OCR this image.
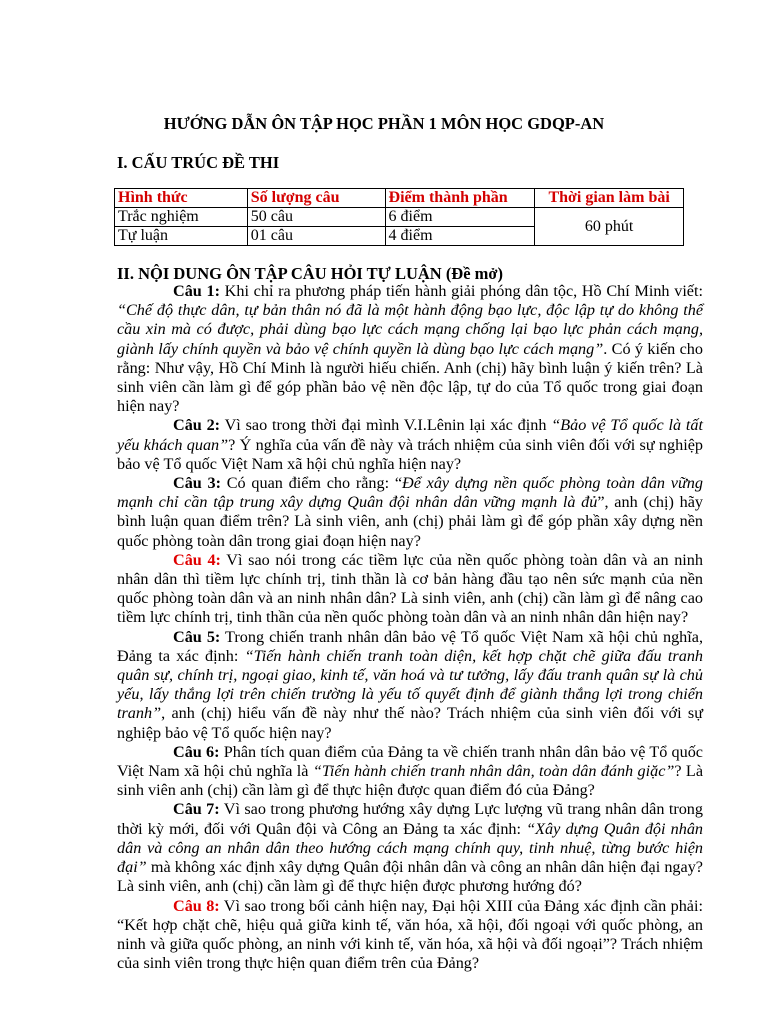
HƯỚNG DẪN ÔN TẬP HỌC PHẦN 1 MÔN HỌC GDQP-AN
I. CẤU TRÚC ĐỀ THI
Hình thức	Số lượng câu	Điểm thành phần	Thời gian làm bài
Trắc nghiệm	50 câu	6 điểm	60 phút
Tự luận	01 câu	4 điểm	
II. NỘI DUNG ÔN TẬP CÂU HỎI TỰ LUẬN (Đề mở)

Câu 1: Khi chỉ ra phương pháp tiến hành giải phóng dân tộc, Hồ Chí Minh viết: “Chế độ thực dân, tự bản thân nó đã là một hành động bạo lực, độc lập tự do không thể cầu xin mà có được, phải dùng bạo lực cách mạng chống lại bạo lực phản cách mạng, giành lấy chính quyền và bảo vệ chính quyền là dùng bạo lực cách mạng”. Có ý kiến cho rằng: Như vậy, Hồ Chí Minh là người hiếu chiến. Anh (chị) hãy bình luận ý kiến trên? Là sinh viên cần làm gì để góp phần bảo vệ nền độc lập, tự do của Tổ quốc trong giai đoạn hiện nay?

Câu 2: Vì sao trong thời đại mình V.I.Lênin lại xác định “Bảo vệ Tổ quốc là tất yếu khách quan”? Ý nghĩa của vấn đề này và trách nhiệm của sinh viên đối với sự nghiệp bảo vệ Tổ quốc Việt Nam xã hội chủ nghĩa hiện nay?

Câu 3: Có quan điểm cho rằng: “Để xây dựng nền quốc phòng toàn dân vững mạnh chỉ cần tập trung xây dựng Quân đội nhân dân vững mạnh là đủ”, anh (chị) hãy bình luận quan điểm trên? Là sinh viên, anh (chị) phải làm gì để góp phần xây dựng nền quốc phòng toàn dân trong giai đoạn hiện nay?

Câu 4: Vì sao nói trong các tiềm lực của nền quốc phòng toàn dân và an ninh nhân dân thì tiềm lực chính trị, tinh thần là cơ bản hàng đầu tạo nên sức mạnh của nền quốc phòng toàn dân và an ninh nhân dân? Là sinh viên, anh (chị) cần làm gì để nâng cao tiềm lực chính trị, tinh thần của nền quốc phòng toàn dân và an ninh nhân dân hiện nay?

Câu 5: Trong chiến tranh nhân dân bảo vệ Tổ quốc Việt Nam xã hội chủ nghĩa, Đảng ta xác định: “Tiến hành chiến tranh toàn diện, kết hợp chặt chẽ giữa đấu tranh quân sự, chính trị, ngoại giao, kinh tế, văn hoá và tư tưởng, lấy đấu tranh quân sự là chủ yếu, lấy thắng lợi trên chiến trường là yếu tố quyết định để giành thắng lợi trong chiến tranh”, anh (chị) hiểu vấn đề này như thế nào? Trách nhiệm của sinh viên đối với sự nghiệp bảo vệ Tổ quốc hiện nay?

Câu 6: Phân tích quan điểm của Đảng ta về chiến tranh nhân dân bảo vệ Tổ quốc Việt Nam xã hội chủ nghĩa là “Tiến hành chiến tranh nhân dân, toàn dân đánh giặc”? Là sinh viên anh (chị) cần làm gì để thực hiện được quan điểm đó của Đảng?

Câu 7: Vì sao trong phương hướng xây dựng Lực lượng vũ trang nhân dân trong thời kỳ mới, đối với Quân đội và Công an Đảng ta xác định: “Xây dựng Quân đội nhân dân và công an nhân dân theo hướng cách mạng chính quy, tinh nhuệ, từng bước hiện đại” mà không xác định xây dựng Quân đội nhân dân và công an nhân dân hiện đại ngay? Là sinh viên, anh (chị) cần làm gì để thực hiện được phương hướng đó?

Câu 8: Vì sao trong bối cảnh hiện nay, Đại hội XIII của Đảng xác định cần phải: “Kết hợp chặt chẽ, hiệu quả giữa kinh tế, văn hóa, xã hội, đối ngoại với quốc phòng, an ninh và giữa quốc phòng, an ninh với kinh tế, văn hóa, xã hội và đối ngoại”? Trách nhiệm của sinh viên trong thực hiện quan điểm trên của Đảng?
